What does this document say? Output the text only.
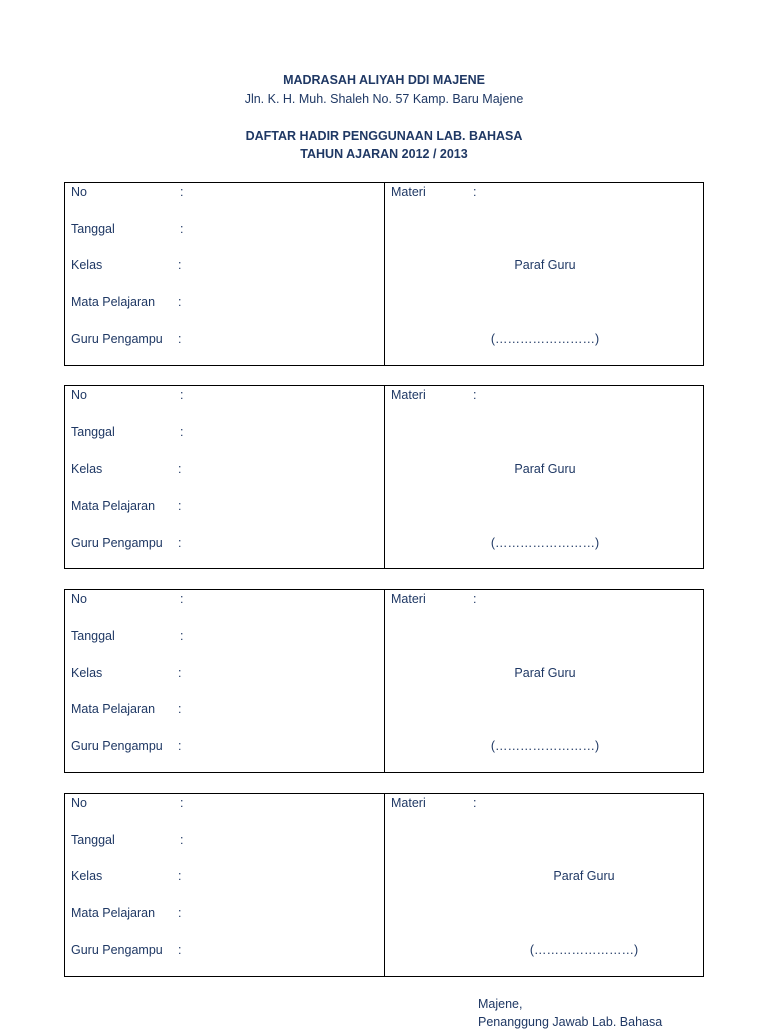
MADRASAH ALIYAH DDI MAJENE
Jln. K. H. Muh. Shaleh No. 57 Kamp. Baru Majene
DAFTAR HADIR PENGGUNAAN LAB. BAHASA
TAHUN AJARAN 2012 / 2013
No	:
Tanggal	:
Kelas	:
Mata Pelajaran :
Guru Pengampu :
Materi	:
Paraf Guru
(……………………)
No	:
Tanggal	:
Kelas	:
Mata Pelajaran :
Guru Pengampu :
Materi	:
Paraf Guru
(……………………)
No	:
Tanggal	:
Kelas	:
Mata Pelajaran :
Guru Pengampu :
Materi	:
Paraf Guru
(……………………)
No	:
Tanggal	:
Kelas	:
Mata Pelajaran :
Guru Pengampu :
Materi	:
Paraf Guru
(……………………)
Majene,
Penanggung Jawab Lab. Bahasa
